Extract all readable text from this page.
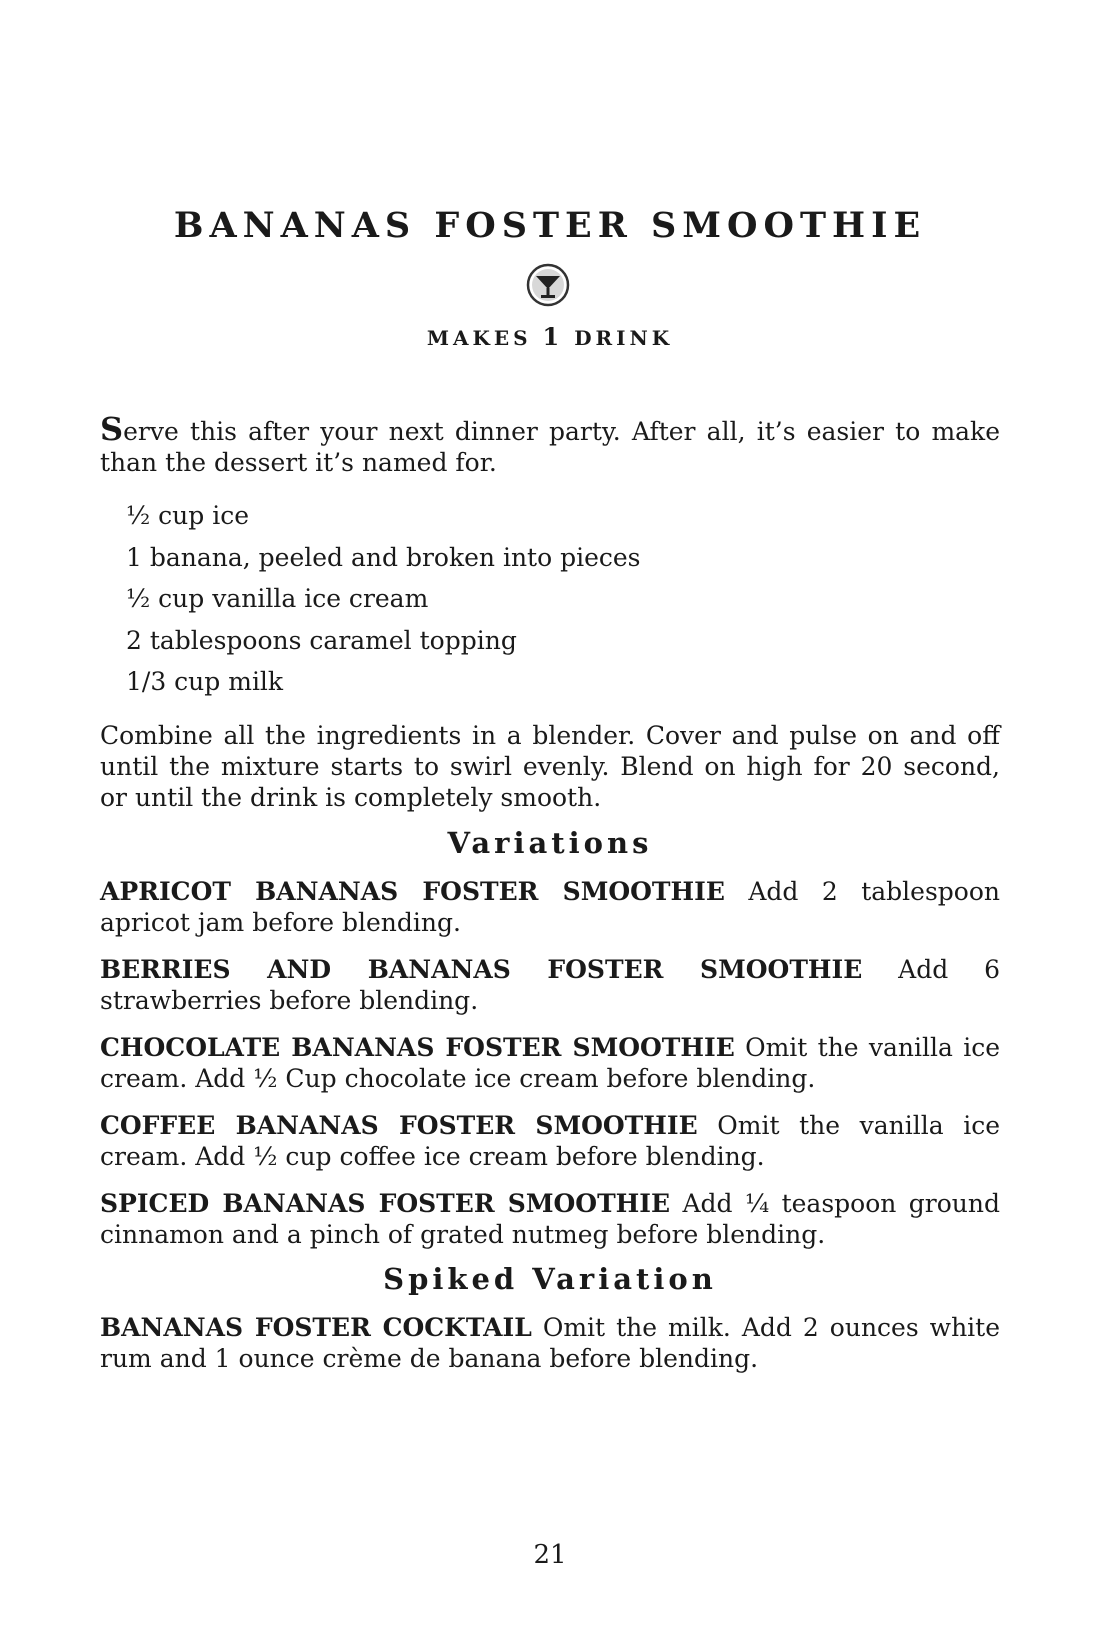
BANANAS FOSTER SMOOTHIE
MAKES 1 DRINK

Serve this after your next dinner party. After all, it’s easier to make than the dessert it’s named for.

½ cup ice
1 banana, peeled and broken into pieces
½ cup vanilla ice cream
2 tablespoons caramel topping
1/3 cup milk

Combine all the ingredients in a blender. Cover and pulse on and off until the mixture starts to swirl evenly. Blend on high for 20 second, or until the drink is completely smooth.

Variations

APRICOT BANANAS FOSTER SMOOTHIE Add 2 tablespoon apricot jam before blending.

BERRIES AND BANANAS FOSTER SMOOTHIE Add 6 strawberries before blending.

CHOCOLATE BANANAS FOSTER SMOOTHIE Omit the vanilla ice cream. Add ½ Cup chocolate ice cream before blending.

COFFEE BANANAS FOSTER SMOOTHIE Omit the vanilla ice cream. Add ½ cup coffee ice cream before blending.

SPICED BANANAS FOSTER SMOOTHIE Add ¼ teaspoon ground cinnamon and a pinch of grated nutmeg before blending.

Spiked Variation

BANANAS FOSTER COCKTAIL Omit the milk. Add 2 ounces white rum and 1 ounce crème de banana before blending.

21
